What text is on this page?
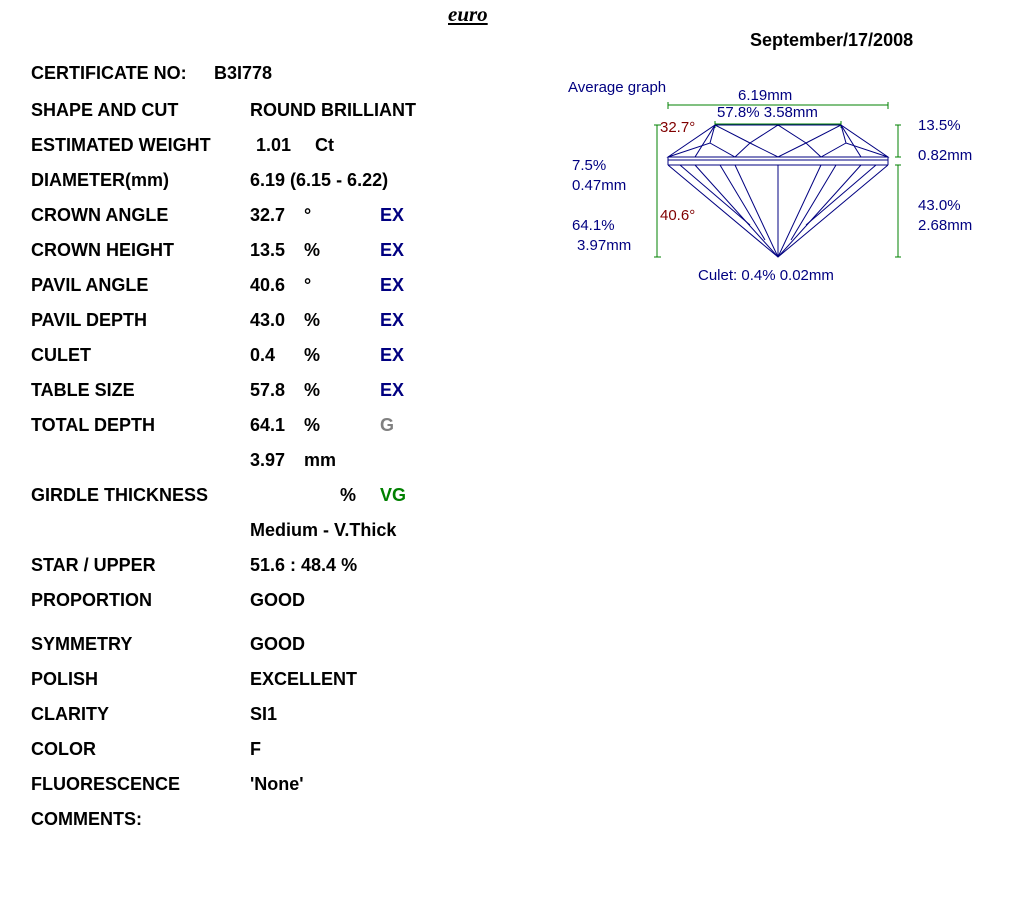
euro
September/17/2008
CERTIFICATE NO: B3I778
SHAPE AND CUT	ROUND BRILLIANT
ESTIMATED WEIGHT	1.01 Ct
DIAMETER(mm)	6.19 (6.15 - 6.22)
CROWN ANGLE	32.7 °	EX
CROWN HEIGHT	13.5 %	EX
PAVIL ANGLE	40.6 °	EX
PAVIL DEPTH	43.0 %	EX
CULET	0.4 %	EX
TABLE SIZE	57.8 %	EX
TOTAL DEPTH	64.1 %	G
3.97 mm
GIRDLE THICKNESS	% VG
Medium - V.Thick
STAR / UPPER	51.6 : 48.4 %
PROPORTION	GOOD
SYMMETRY	GOOD
POLISH	EXCELLENT
CLARITY	SI1
COLOR	F
FLUORESCENCE	'None'
COMMENTS:
Average graph	6.19mm
57.8% 3.58mm
32.7°	13.5%
0.82mm
7.5%
0.47mm
40.6°
43.0%
2.68mm
64.1%
3.97mm
Culet: 0.4% 0.02mm
